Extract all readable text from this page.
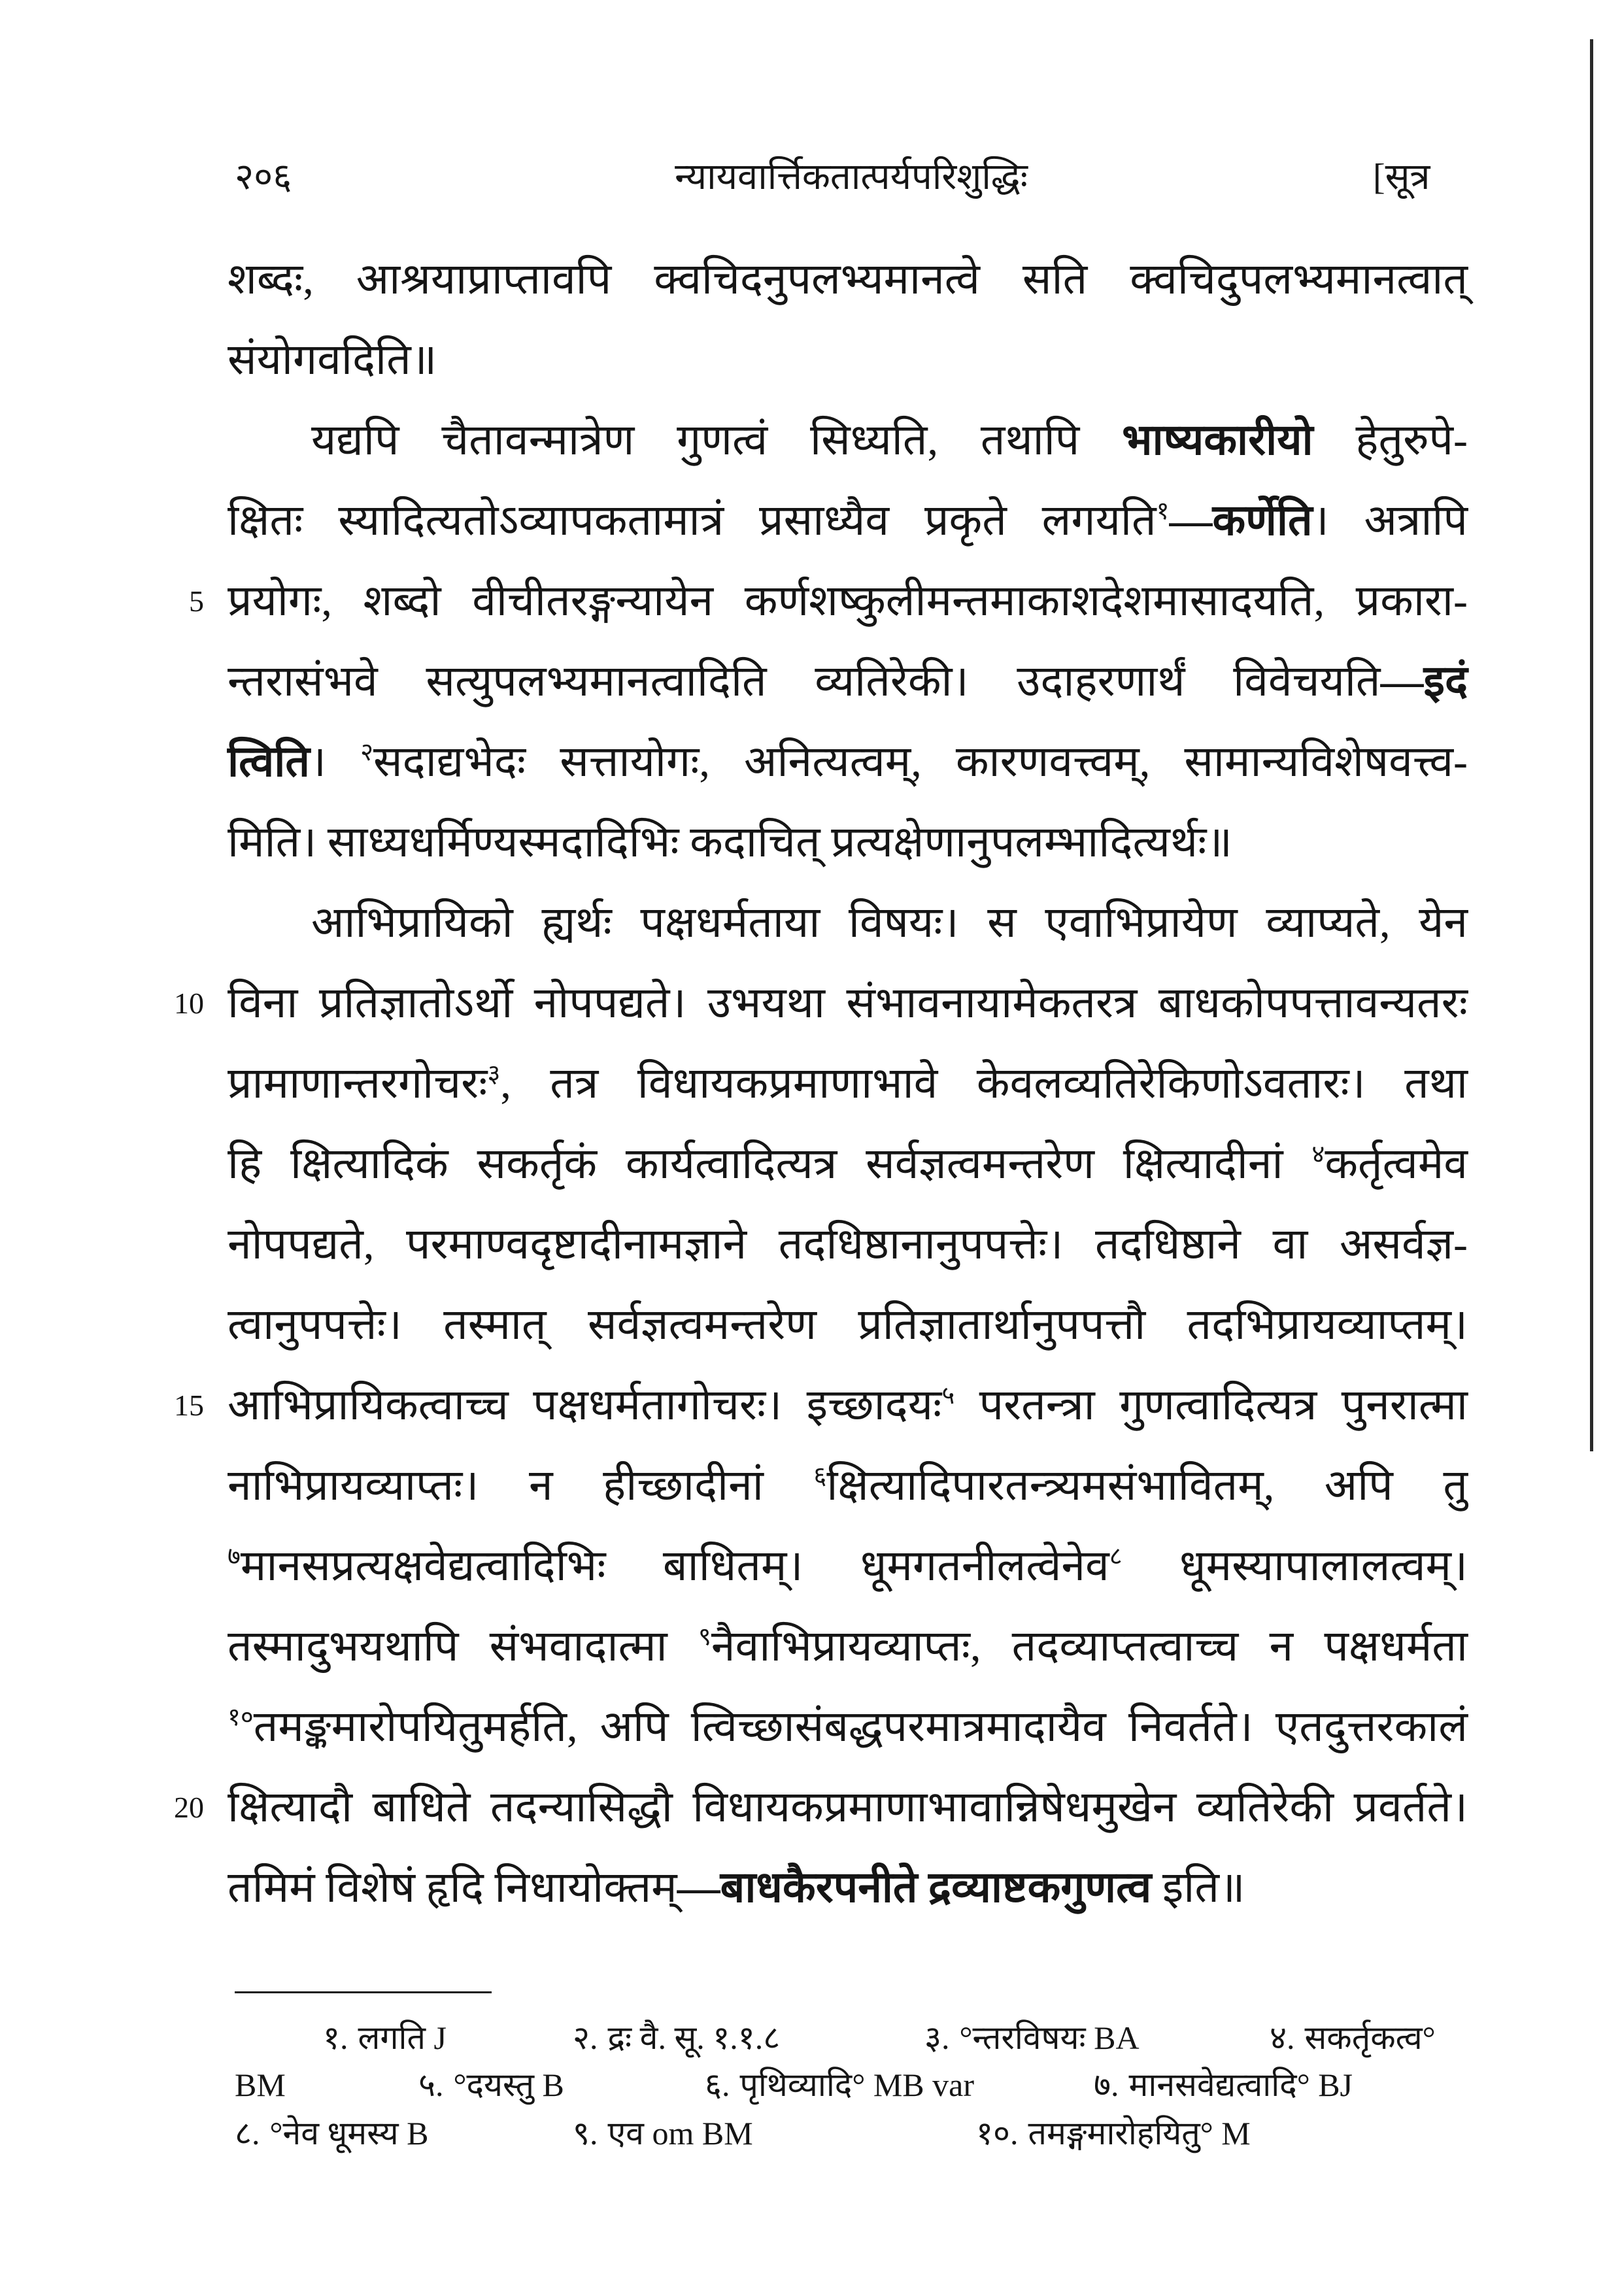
२०६	न्यायवार्त्तिकतात्पर्यपरिशुद्धिः	[सूत्र
शब्दः, आश्रयाप्राप्तावपि क्वचिदनुपलभ्यमानत्वे सति क्वचिदुपलभ्यमानत्वात्
संयोगवदिति॥
यद्यपि चैतावन्मात्रेण गुणत्वं सिध्यति, तथापि भाष्यकारीयो हेतुरुपे-
क्षितः स्यादित्यतोऽव्यापकतामात्रं प्रसाध्यैव प्रकृते लगयति$^१$—कर्णेति। अत्रापि
5 प्रयोगः, शब्दो वीचीतरङ्गन्यायेन कर्णशष्कुलीमन्तमाकाशदेशमासादयति, प्रकारा-
न्तरासंभवे सत्युपलभ्यमानत्वादिति व्यतिरेकी। उदाहरणार्थं विवेचयति—इदं
त्विति। $^२$सदाद्यभेदः सत्तायोगः, अनित्यत्वम्, कारणवत्त्वम्, सामान्यविशेषवत्त्व-
मिति। साध्यधर्मिण्यस्मदादिभिः कदाचित् प्रत्यक्षेणानुपलम्भादित्यर्थः॥
आभिप्रायिको ह्यर्थः पक्षधर्मताया विषयः। स एवाभिप्रायेण व्याप्यते, येन
10 विना प्रतिज्ञातोऽर्थो नोपपद्यते। उभयथा संभावनायामेकतरत्र बाधकोपपत्तावन्यतरः
प्रामाणान्तरगोचरः$^३$, तत्र विधायकप्रमाणाभावे केवलव्यतिरेकिणोऽवतारः। तथा
हि क्षित्यादिकं सकर्तृकं कार्यत्वादित्यत्र सर्वज्ञत्वमन्तरेण क्षित्यादीनां $^४$कर्तृत्वमेव
नोपपद्यते, परमाण्वदृष्टादीनामज्ञाने तदधिष्ठानानुपपत्तेः। तदधिष्ठाने वा असर्वज्ञ-
त्वानुपपत्तेः। तस्मात् सर्वज्ञत्वमन्तरेण प्रतिज्ञातार्थानुपपत्तौ तदभिप्रायव्याप्तम्।
15 आभिप्रायिकत्वाच्च पक्षधर्मतागोचरः। इच्छादयः$^५$ परतन्त्रा गुणत्वादित्यत्र पुनरात्मा
नाभिप्रायव्याप्तः। न हीच्छादीनां $^६$क्षित्यादिपारतन्त्र्यमसंभावितम्, अपि तु
$^७$मानसप्रत्यक्षवेद्यत्वादिभिः बाधितम्। धूमगतनीलत्वेनेव$^८$ धूमस्यापालालत्वम्।
तस्मादुभयथापि संभवादात्मा $^९$नैवाभिप्रायव्याप्तः, तदव्याप्तत्वाच्च न पक्षधर्मता
$^{१०}$तमङ्कमारोपयितुमर्हति, अपि त्विच्छासंबद्धपरमात्रमादायैव निवर्तते। एतदुत्तरकालं
20 क्षित्यादौ बाधिते तदन्यासिद्धौ विधायकप्रमाणाभावान्निषेधमुखेन व्यतिरेकी प्रवर्तते।
तमिमं विशेषं हृदि निधायोक्तम्—बाधकैरपनीते द्रव्याष्टकगुणत्व इति॥
१. लगति J	२. द्रः वै. सू. १.१.८	३. °न्तरविषयः BA	४. सकर्तृकत्व°
BM	५. °दयस्तु B	६. पृथिव्यादि° MB var	७. मानसवेद्यत्वादि° BJ
८. °नेव धूमस्य B	९. एव om BM	१०. तमङ्गमारोहयितु° M
